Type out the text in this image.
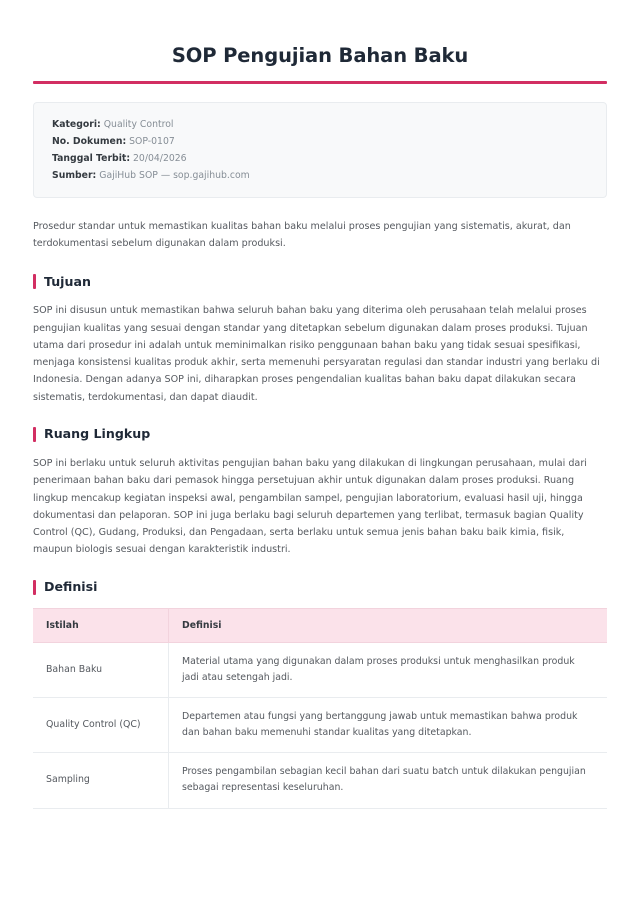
SOP Pengujian Bahan Baku
Kategori: Quality Control
No. Dokumen: SOP-0107
Tanggal Terbit: 20/04/2026
Sumber: GajiHub SOP — sop.gajihub.com

Prosedur standar untuk memastikan kualitas bahan baku melalui proses pengujian yang sistematis, akurat, dan terdokumentasi sebelum digunakan dalam produksi.

Tujuan

SOP ini disusun untuk memastikan bahwa seluruh bahan baku yang diterima oleh perusahaan telah melalui proses pengujian kualitas yang sesuai dengan standar yang ditetapkan sebelum digunakan dalam proses produksi. Tujuan utama dari prosedur ini adalah untuk meminimalkan risiko penggunaan bahan baku yang tidak sesuai spesifikasi, menjaga konsistensi kualitas produk akhir, serta memenuhi persyaratan regulasi dan standar industri yang berlaku di Indonesia. Dengan adanya SOP ini, diharapkan proses pengendalian kualitas bahan baku dapat dilakukan secara sistematis, terdokumentasi, dan dapat diaudit.

Ruang Lingkup

SOP ini berlaku untuk seluruh aktivitas pengujian bahan baku yang dilakukan di lingkungan perusahaan, mulai dari penerimaan bahan baku dari pemasok hingga persetujuan akhir untuk digunakan dalam proses produksi. Ruang lingkup mencakup kegiatan inspeksi awal, pengambilan sampel, pengujian laboratorium, evaluasi hasil uji, hingga dokumentasi dan pelaporan. SOP ini juga berlaku bagi seluruh departemen yang terlibat, termasuk bagian Quality Control (QC), Gudang, Produksi, dan Pengadaan, serta berlaku untuk semua jenis bahan baku baik kimia, fisik, maupun biologis sesuai dengan karakteristik industri.

Definisi
Istilah	Definisi
Bahan Baku	Material utama yang digunakan dalam proses produksi untuk menghasilkan produk jadi atau setengah jadi.
Quality Control (QC)	Departemen atau fungsi yang bertanggung jawab untuk memastikan bahwa produk dan bahan baku memenuhi standar kualitas yang ditetapkan.
Sampling	Proses pengambilan sebagian kecil bahan dari suatu batch untuk dilakukan pengujian sebagai representasi keseluruhan.
